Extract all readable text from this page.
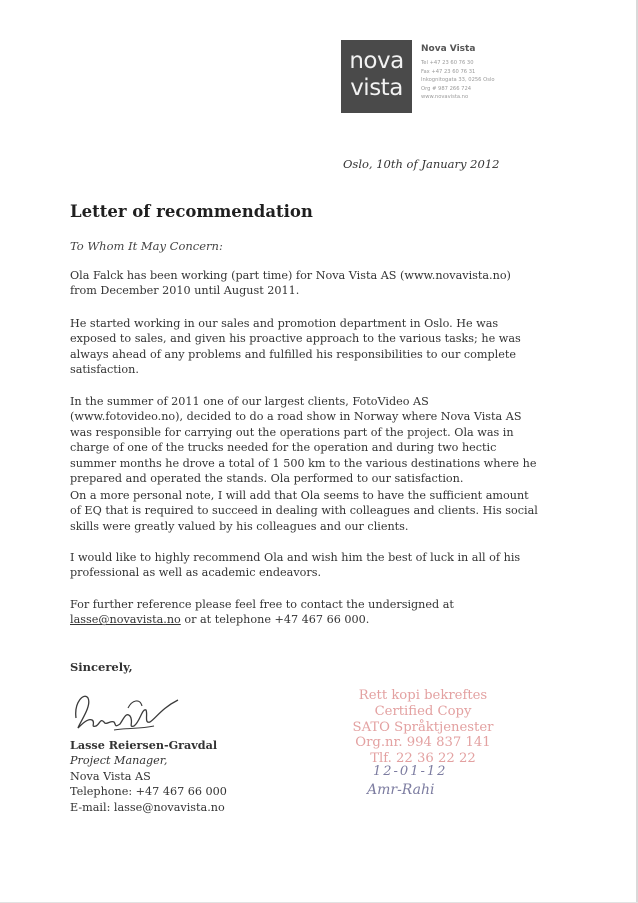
nova
vista
Nova Vista
Tel +47 23 60 76 30
Fax +47 23 60 76 31
Inkognitogata 33, 0256 Oslo
Org # 987 266 724
www.novavista.no
Oslo, 10th of January 2012
Letter of recommendation
To Whom It May Concern:

Ola Falck has been working (part time) for Nova Vista AS (www.novavista.no) from December 2010 until August 2011.

He started working in our sales and promotion department in Oslo. He was exposed to sales, and given his proactive approach to the various tasks; he was always ahead of any problems and fulfilled his responsibilities to our complete satisfaction.

In the summer of 2011 one of our largest clients, FotoVideo AS (www.fotovideo.no), decided to do a road show in Norway where Nova Vista AS was responsible for carrying out the operations part of the project. Ola was in charge of one of the trucks needed for the operation and during two hectic summer months he drove a total of 1 500 km to the various destinations where he prepared and operated the stands. Ola performed to our satisfaction.

On a more personal note, I will add that Ola seems to have the sufficient amount of EQ that is required to succeed in dealing with colleagues and clients. His social skills were greatly valued by his colleagues and our clients.

I would like to highly recommend Ola and wish him the best of luck in all of his professional as well as academic endeavors.

For further reference please feel free to contact the undersigned at lasse@novavista.no or at telephone +47 467 66 000.

Sincerely,
Lasse Reiersen-Gravdal
Project Manager,
Nova Vista AS
Telephone: +47 467 66 000
E-mail: lasse@novavista.no
Rett kopi bekreftes
Certified Copy
SATO Språktjenester
Org.nr. 994 837 141
Tlf. 22 36 22 22
12-01-12
Amr-Rahi
